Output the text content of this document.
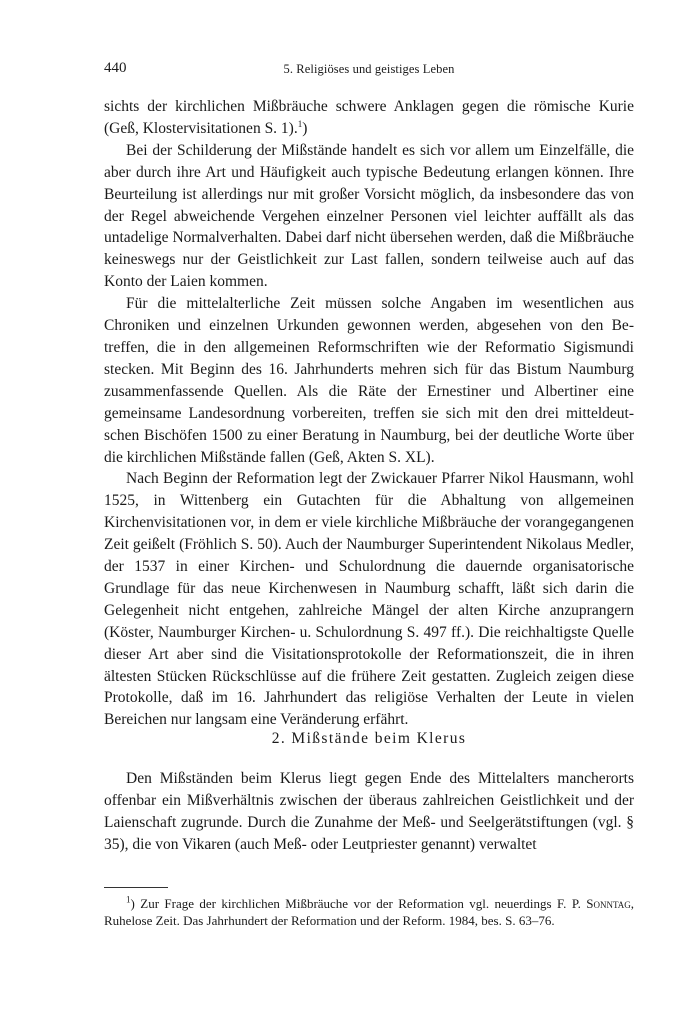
440	5. Religiöses und geistiges Leben

sichts der kirchlichen Mißbräuche schwere Anklagen gegen die römische Kurie (Geß, Klostervisitationen S. 1).$^1$)

Bei der Schilderung der Mißstände handelt es sich vor allem um Einzelfälle, die aber durch ihre Art und Häufigkeit auch typische Bedeutung erlangen können. Ihre Beurteilung ist allerdings nur mit großer Vorsicht möglich, da insbesondere das von der Regel abweichende Vergehen einzelner Personen viel leichter auffällt als das untadelige Normalverhalten. Dabei darf nicht übersehen werden, daß die Mißbräuche keineswegs nur der Geistlichkeit zur Last fallen, sondern teilweise auch auf das Konto der Laien kommen.

Für die mittelalterliche Zeit müssen solche Angaben im wesentlichen aus Chroniken und einzelnen Urkunden gewonnen werden, abgesehen von den Betreffen, die in den allgemeinen Reformschriften wie der Reformatio Sigismundi stecken. Mit Beginn des 16. Jahrhunderts mehren sich für das Bistum Naumburg zusammenfassende Quellen. Als die Räte der Ernestiner und Albertiner eine gemeinsame Landesordnung vorbereiten, treffen sie sich mit den drei mitteldeutschen Bischöfen 1500 zu einer Beratung in Naumburg, bei der deutliche Worte über die kirchlichen Mißstände fallen (Geß, Akten S. XL).

Nach Beginn der Reformation legt der Zwickauer Pfarrer Nikol Hausmann, wohl 1525, in Wittenberg ein Gutachten für die Abhaltung von allgemeinen Kirchenvisitationen vor, in dem er viele kirchliche Mißbräuche der vorangegangenen Zeit geißelt (Fröhlich S. 50). Auch der Naumburger Superintendent Nikolaus Medler, der 1537 in einer Kirchen- und Schulordnung die dauernde organisatorische Grundlage für das neue Kirchenwesen in Naumburg schafft, läßt sich darin die Gelegenheit nicht entgehen, zahlreiche Mängel der alten Kirche anzuprangern (Köster, Naumburger Kirchen- u. Schulordnung S. 497 ff.). Die reichhaltigste Quelle dieser Art aber sind die Visitationsprotokolle der Reformationszeit, die in ihren ältesten Stücken Rückschlüsse auf die frühere Zeit gestatten. Zugleich zeigen diese Protokolle, daß im 16. Jahrhundert das religiöse Verhalten der Leute in vielen Bereichen nur langsam eine Veränderung erfährt.

2. Mißstände beim Klerus

Den Mißständen beim Klerus liegt gegen Ende des Mittelalters mancherorts offenbar ein Mißverhältnis zwischen der überaus zahlreichen Geistlichkeit und der Laienschaft zugrunde. Durch die Zunahme der Meß- und Seelgerätstiftungen (vgl. § 35), die von Vikaren (auch Meß- oder Leutpriester genannt) verwaltet

$^1$) Zur Frage der kirchlichen Mißbräuche vor der Reformation vgl. neuerdings F. P. Sonntag, Ruhelose Zeit. Das Jahrhundert der Reformation und der Reform. 1984, bes. S. 63–76.
